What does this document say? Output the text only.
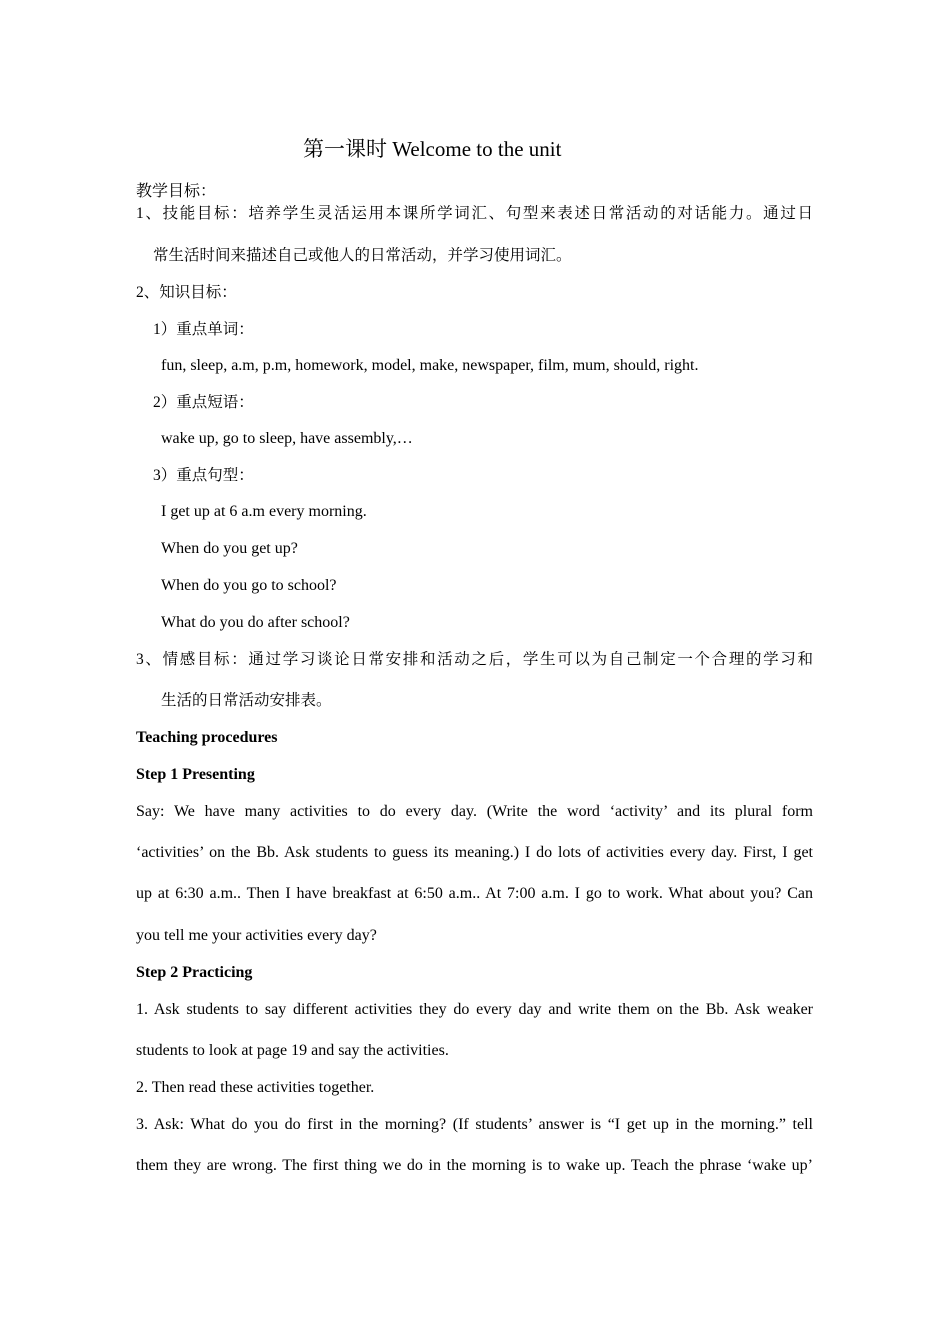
第一课时 Welcome to the unit
教学目标：
1、技能目标：培养学生灵活运用本课所学词汇、句型来表述日常活动的对话能力。通过日
常生活时间来描述自己或他人的日常活动，并学习使用词汇。
2、知识目标：
1）重点单词：
fun, sleep, a.m, p.m, homework, model, make, newspaper, film, mum, should, right.
2）重点短语：
wake up, go to sleep, have assembly,…
3）重点句型：
I get up at 6 a.m every morning.
When do you get up?
When do you go to school?
What do you do after school?
3、情感目标：通过学习谈论日常安排和活动之后，学生可以为自己制定一个合理的学习和
生活的日常活动安排表。
Teaching procedures
Step 1 Presenting
Say: We have many activities to do every day. (Write the word ‘activity’ and its plural form
‘activities’ on the Bb. Ask students to guess its meaning.) I do lots of activities every day. First, I get
up at 6:30 a.m.. Then I have breakfast at 6:50 a.m.. At 7:00 a.m. I go to work. What about you? Can
you tell me your activities every day?
Step 2 Practicing
1. Ask students to say different activities they do every day and write them on the Bb. Ask weaker
students to look at page 19 and say the activities.
2. Then read these activities together.
3. Ask: What do you do first in the morning? (If students’ answer is “I get up in the morning.” tell
them they are wrong. The first thing we do in the morning is to wake up. Teach the phrase ‘wake up’
